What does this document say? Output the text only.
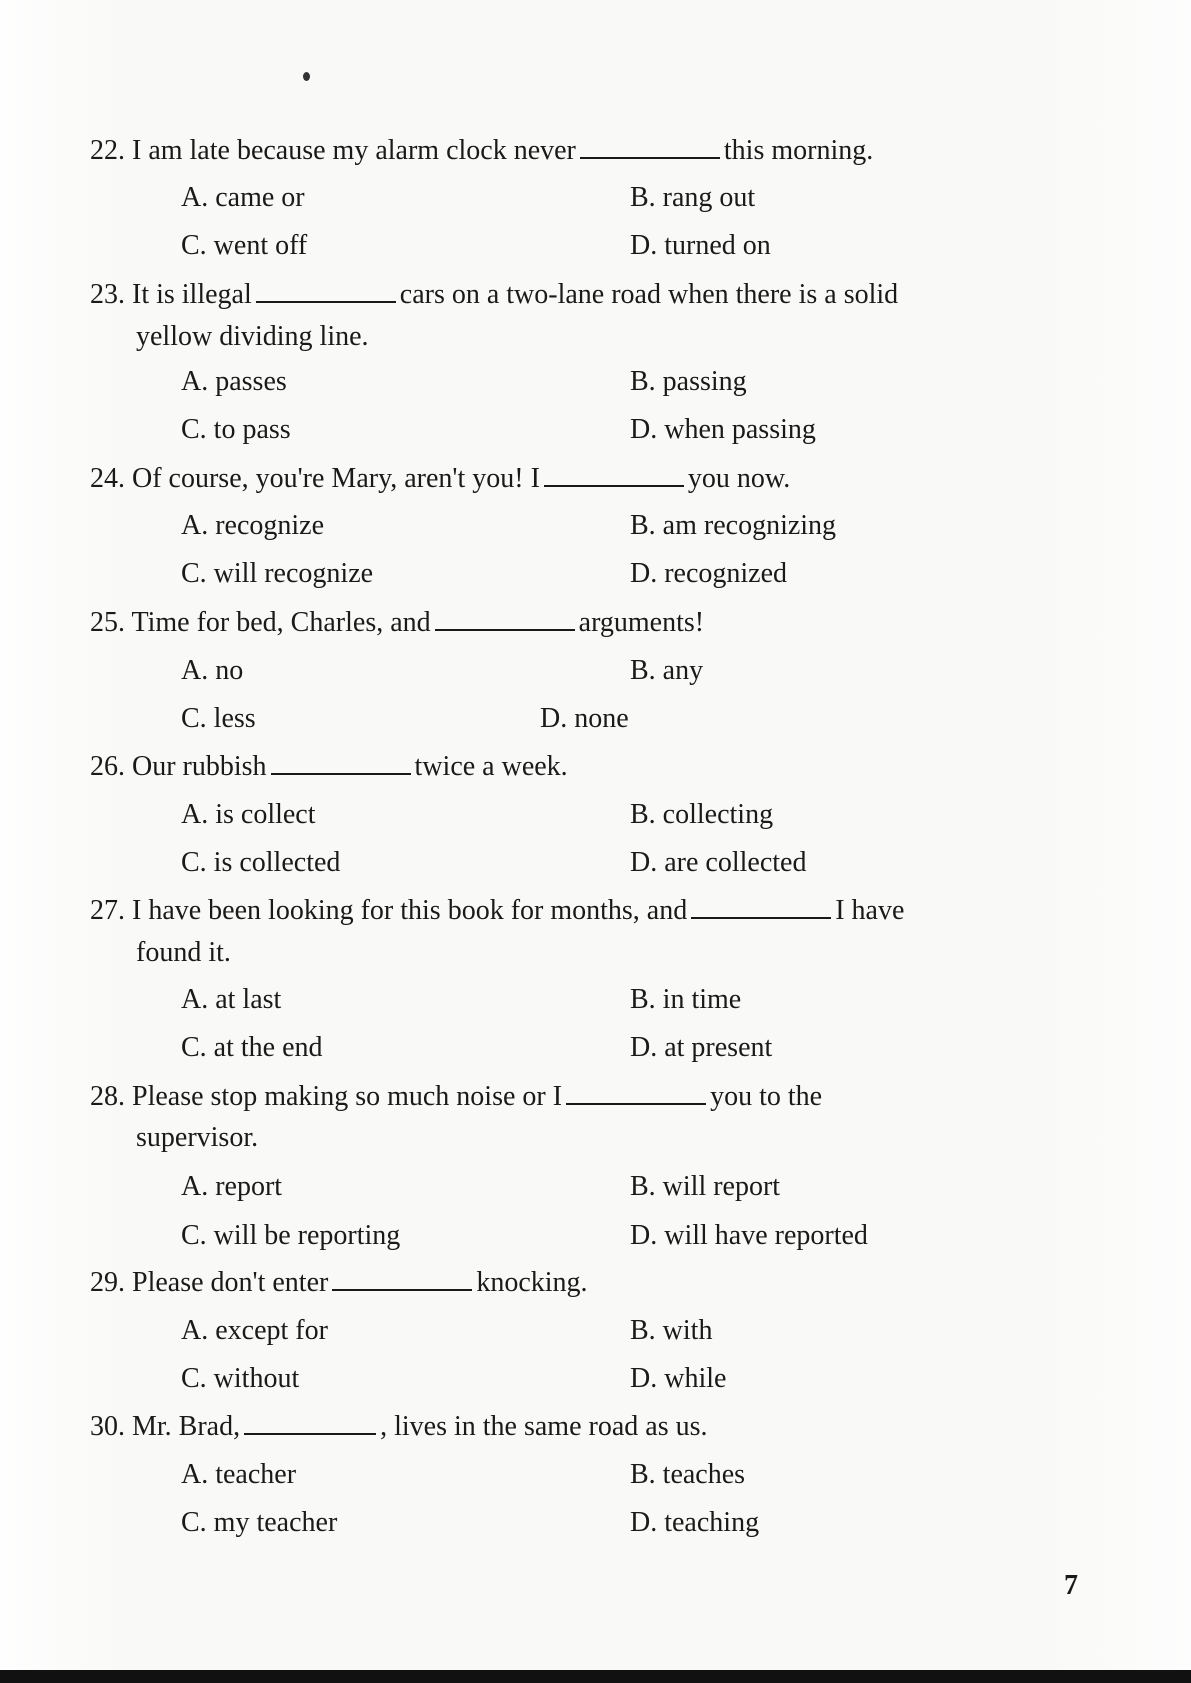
22. I am late because my alarm clock never	this morning.
A. came or	B. rang out
C. went off	D. turned on
23. It is illegal	cars on a two-lane road when there is a solid
yellow dividing line.
A. passes	B. passing
C. to pass	D. when passing
24. Of course, you're Mary, aren't you! I	you now.
A. recognize	B. am recognizing
C. will recognize	D. recognized
25. Time for bed, Charles, and	arguments!
A. no	B. any
C. less	D. none
26. Our rubbish	twice a week.
A. is collect	B. collecting
C. is collected	D. are collected
27. I have been looking for this book for months, and	I have
found it.
A. at last	B. in time
C. at the end	D. at present
28. Please stop making so much noise or I	you to the
supervisor.
A. report	B. will report
C. will be reporting	D. will have reported
29. Please don't enter	knocking.
A. except for	B. with
C. without	D. while
30. Mr. Brad,	, lives in the same road as us.
A. teacher	B. teaches
C. my teacher	D. teaching
7
